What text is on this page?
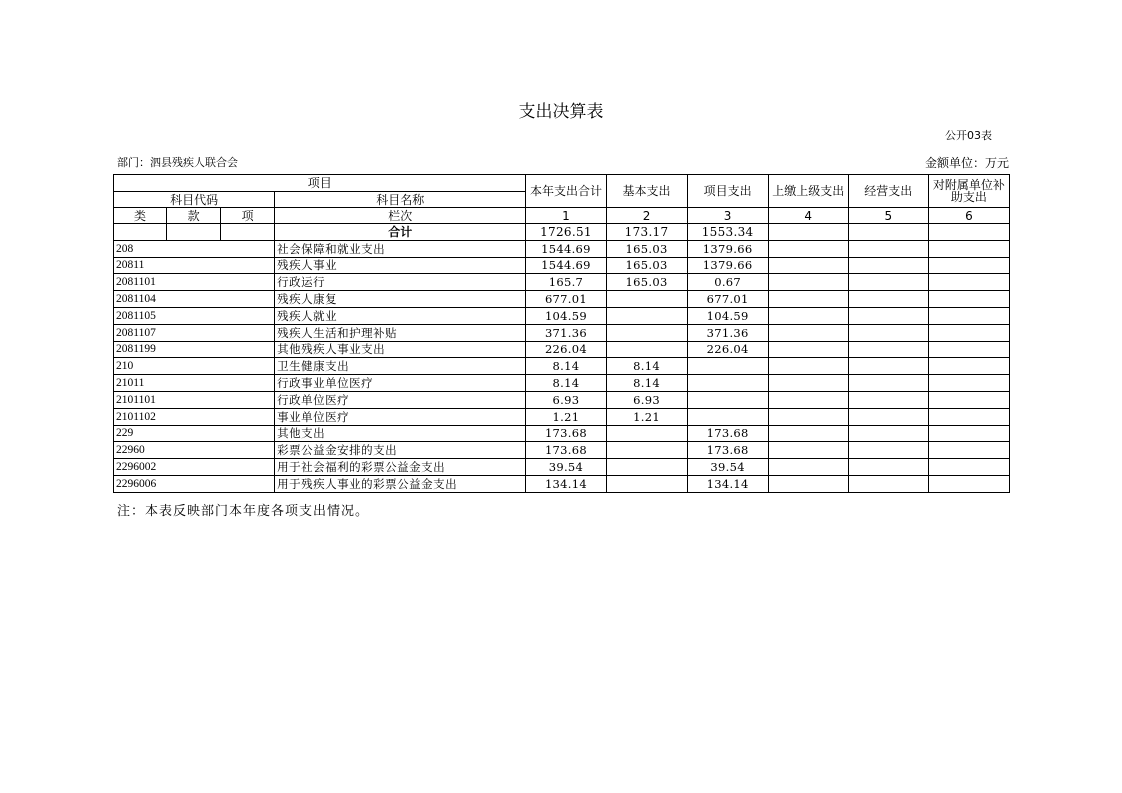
支出决算表
公开03表
部门：泗县残疾人联合会	金额单位：万元
项目				本年支出合计	基本支出	项目支出	上缴上级支出	经营支出	对附属单位补助支出
科目代码			科目名称						
类	款	项	栏次	1	2	3	4	5	6
			合计	1726.51	173.17	1553.34			
208			社会保障和就业支出	1544.69	165.03	1379.66			
20811			残疾人事业	1544.69	165.03	1379.66			
2081101			行政运行	165.7	165.03	0.67			
2081104			残疾人康复	677.01		677.01			
2081105			残疾人就业	104.59		104.59			
2081107			残疾人生活和护理补贴	371.36		371.36			
2081199			其他残疾人事业支出	226.04		226.04			
210			卫生健康支出	8.14	8.14				
21011			行政事业单位医疗	8.14	8.14				
2101101			行政单位医疗	6.93	6.93				
2101102			事业单位医疗	1.21	1.21				
229			其他支出	173.68		173.68			
22960			彩票公益金安排的支出	173.68		173.68			
2296002			用于社会福利的彩票公益金支出	39.54		39.54			
2296006			用于残疾人事业的彩票公益金支出	134.14		134.14			
注：本表反映部门本年度各项支出情况。
